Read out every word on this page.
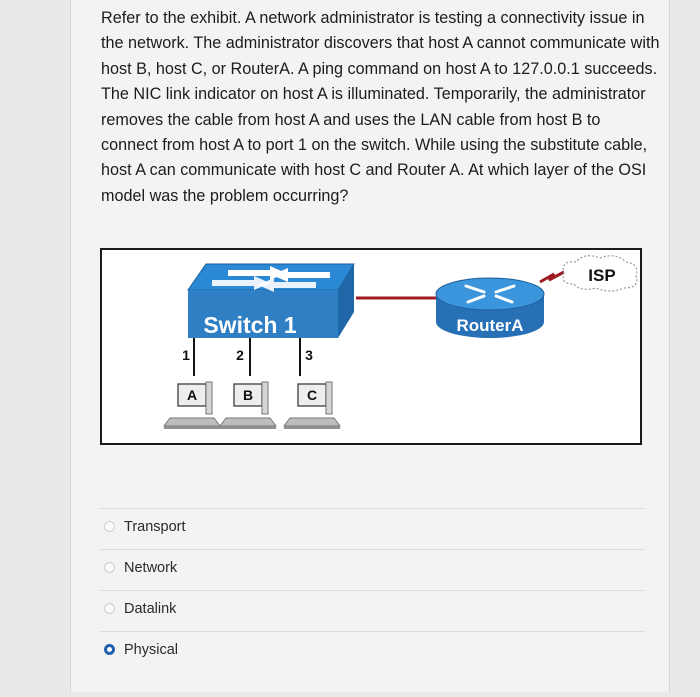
Refer to the exhibit. A network administrator is testing a connectivity issue in the network. The administrator discovers that host A cannot communicate with host B, host C, or RouterA. A ping command on host A to 127.0.0.1 succeeds. The NIC link indicator on host A is illuminated. Temporarily, the administrator removes the cable from host A and uses the LAN cable from host B to connect from host A to port 1 on the switch. While using the substitute cable, host A can communicate with host C and Router A. At which layer of the OSI model was the problem occurring?
Switch 1
1	2	3
A	B	C
RouterA
ISP
Transport
Network
Datalink
Physical
